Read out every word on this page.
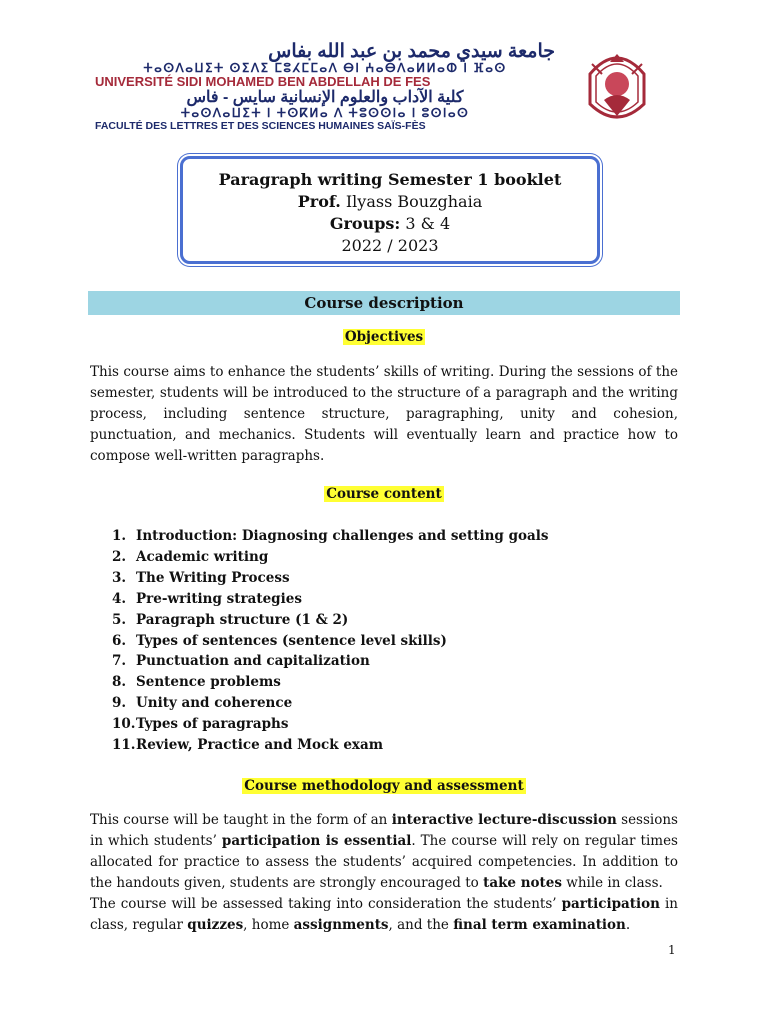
جامعة سيدي محمد بن عبد الله بفاس
ⵜⴰⵙⴷⴰⵡⵉⵜ ⵙⵉⴷⵉ ⵎⵓⵃⵎⵎⴰⴷ ⴱⵏ ⵄⴰⴱⴷⴰⵍⵍⴰⵀ ⵏ ⴼⴰⵙ
UNIVERSITÉ SIDI MOHAMED BEN ABDELLAH DE FES
كلية الآداب والعلوم الإنسانية سايس - فاس
ⵜⴰⵙⴷⴰⵡⵉⵜ ⵏ ⵜⵙⴽⵍⴰ ⴷ ⵜⵓⵙⵙⵏⴰ ⵏ ⵓⵙⵏⴰⵙ
FACULTÉ DES LETTRES ET DES SCIENCES HUMAINES SAÏS-FÈS
Paragraph writing Semester 1 booklet
Prof. Ilyass Bouzghaia
Groups: 3 & 4
2022 / 2023
Course description
Objectives
This course aims to enhance the students’ skills of writing. During the sessions of the semester, students will be introduced to the structure of a paragraph and the writing process, including sentence structure, paragraphing, unity and cohesion, punctuation, and mechanics. Students will eventually learn and practice how to compose well-written paragraphs.
Course content
1. Introduction: Diagnosing challenges and setting goals
2. Academic writing
3. The Writing Process
4. Pre-writing strategies
5. Paragraph structure (1 & 2)
6. Types of sentences (sentence level skills)
7. Punctuation and capitalization
8. Sentence problems
9. Unity and coherence
10.Types of paragraphs
11.Review, Practice and Mock exam
Course methodology and assessment
This course will be taught in the form of an interactive lecture-discussion sessions in which students’ participation is essential. The course will rely on regular times allocated for practice to assess the students’ acquired competencies. In addition to the handouts given, students are strongly encouraged to take notes while in class.
The course will be assessed taking into consideration the students’ participation in class, regular quizzes, home assignments, and the final term examination.
1
